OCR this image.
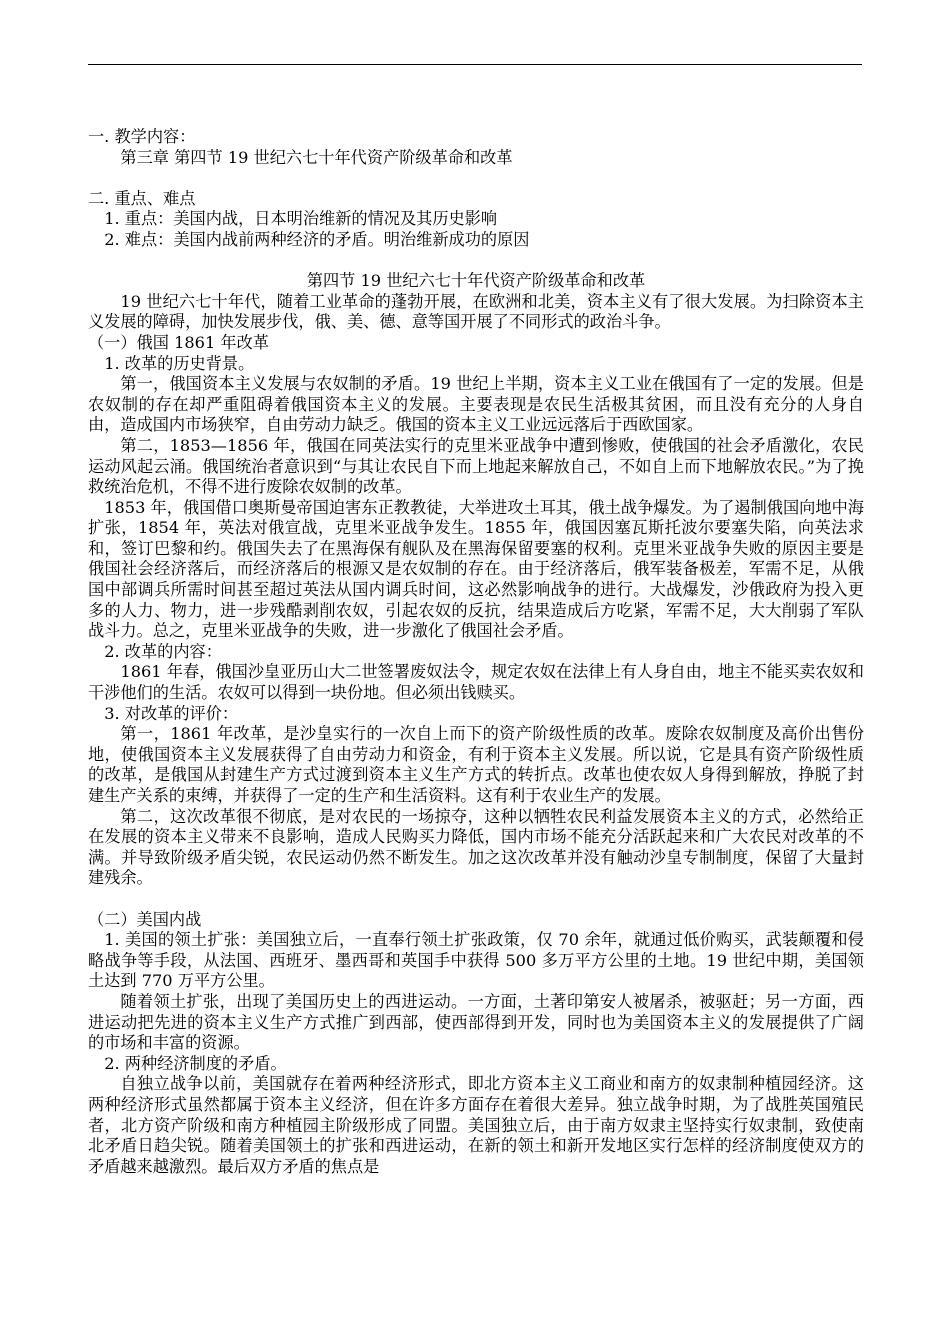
一. 教学内容：

第三章 第四节 19 世纪六七十年代资产阶级革命和改革

二. 重点、难点

1. 重点：美国内战，日本明治维新的情况及其历史影响

2. 难点：美国内战前两种经济的矛盾。明治维新成功的原因

第四节 19 世纪六七十年代资产阶级革命和改革

19 世纪六七十年代，随着工业革命的蓬勃开展，在欧洲和北美，资本主义有了很大发展。为扫除资本主义发展的障碍，加快发展步伐，俄、美、德、意等国开展了不同形式的政治斗争。

（一）俄国 1861 年改革

1. 改革的历史背景。

第一，俄国资本主义发展与农奴制的矛盾。19 世纪上半期，资本主义工业在俄国有了一定的发展。但是农奴制的存在却严重阻碍着俄国资本主义的发展。主要表现是农民生活极其贫困，而且没有充分的人身自由，造成国内市场狭窄，自由劳动力缺乏。俄国的资本主义工业远远落后于西欧国家。

第二，1853—1856 年，俄国在同英法实行的克里米亚战争中遭到惨败，使俄国的社会矛盾激化，农民运动风起云涌。俄国统治者意识到“与其让农民自下而上地起来解放自己，不如自上而下地解放农民。”为了挽救统治危机，不得不进行废除农奴制的改革。

1853 年，俄国借口奥斯曼帝国迫害东正教教徒，大举进攻土耳其，俄土战争爆发。为了遏制俄国向地中海扩张，1854 年，英法对俄宣战，克里米亚战争发生。1855 年，俄国因塞瓦斯托波尔要塞失陷，向英法求和，签订巴黎和约。俄国失去了在黑海保有舰队及在黑海保留要塞的权利。克里米亚战争失败的原因主要是俄国社会经济落后，而经济落后的根源又是农奴制的存在。由于经济落后，俄军装备极差，军需不足，从俄国中部调兵所需时间甚至超过英法从国内调兵时间，这必然影响战争的进行。大战爆发，沙俄政府为投入更多的人力、物力，进一步残酷剥削农奴，引起农奴的反抗，结果造成后方吃紧，军需不足，大大削弱了军队战斗力。总之，克里米亚战争的失败，进一步激化了俄国社会矛盾。

2. 改革的内容：

1861 年春，俄国沙皇亚历山大二世签署废奴法令，规定农奴在法律上有人身自由，地主不能买卖农奴和干涉他们的生活。农奴可以得到一块份地。但必须出钱赎买。

3. 对改革的评价：

第一，1861 年改革，是沙皇实行的一次自上而下的资产阶级性质的改革。废除农奴制度及高价出售份地，使俄国资本主义发展获得了自由劳动力和资金，有利于资本主义发展。所以说，它是具有资产阶级性质的改革，是俄国从封建生产方式过渡到资本主义生产方式的转折点。改革也使农奴人身得到解放，挣脱了封建生产关系的束缚，并获得了一定的生产和生活资料。这有利于农业生产的发展。

第二，这次改革很不彻底，是对农民的一场掠夺，这种以牺牲农民利益发展资本主义的方式，必然给正在发展的资本主义带来不良影响，造成人民购买力降低，国内市场不能充分活跃起来和广大农民对改革的不满。并导致阶级矛盾尖锐，农民运动仍然不断发生。加之这次改革并没有触动沙皇专制制度，保留了大量封建残余。

（二）美国内战

1. 美国的领土扩张：美国独立后，一直奉行领土扩张政策，仅 70 余年，就通过低价购买，武装颠覆和侵略战争等手段，从法国、西班牙、墨西哥和英国手中获得 500 多万平方公里的土地。19 世纪中期，美国领土达到 770 万平方公里。

随着领土扩张，出现了美国历史上的西进运动。一方面，土著印第安人被屠杀，被驱赶；另一方面，西进运动把先进的资本主义生产方式推广到西部，使西部得到开发，同时也为美国资本主义的发展提供了广阔的市场和丰富的资源。

2. 两种经济制度的矛盾。

自独立战争以前，美国就存在着两种经济形式，即北方资本主义工商业和南方的奴隶制种植园经济。这两种经济形式虽然都属于资本主义经济，但在许多方面存在着很大差异。独立战争时期，为了战胜英国殖民者，北方资产阶级和南方种植园主阶级形成了同盟。美国独立后，由于南方奴隶主坚持实行奴隶制，致使南北矛盾日趋尖锐。随着美国领土的扩张和西进运动，在新的领土和新开发地区实行怎样的经济制度使双方的矛盾越来越激烈。最后双方矛盾的焦点是
